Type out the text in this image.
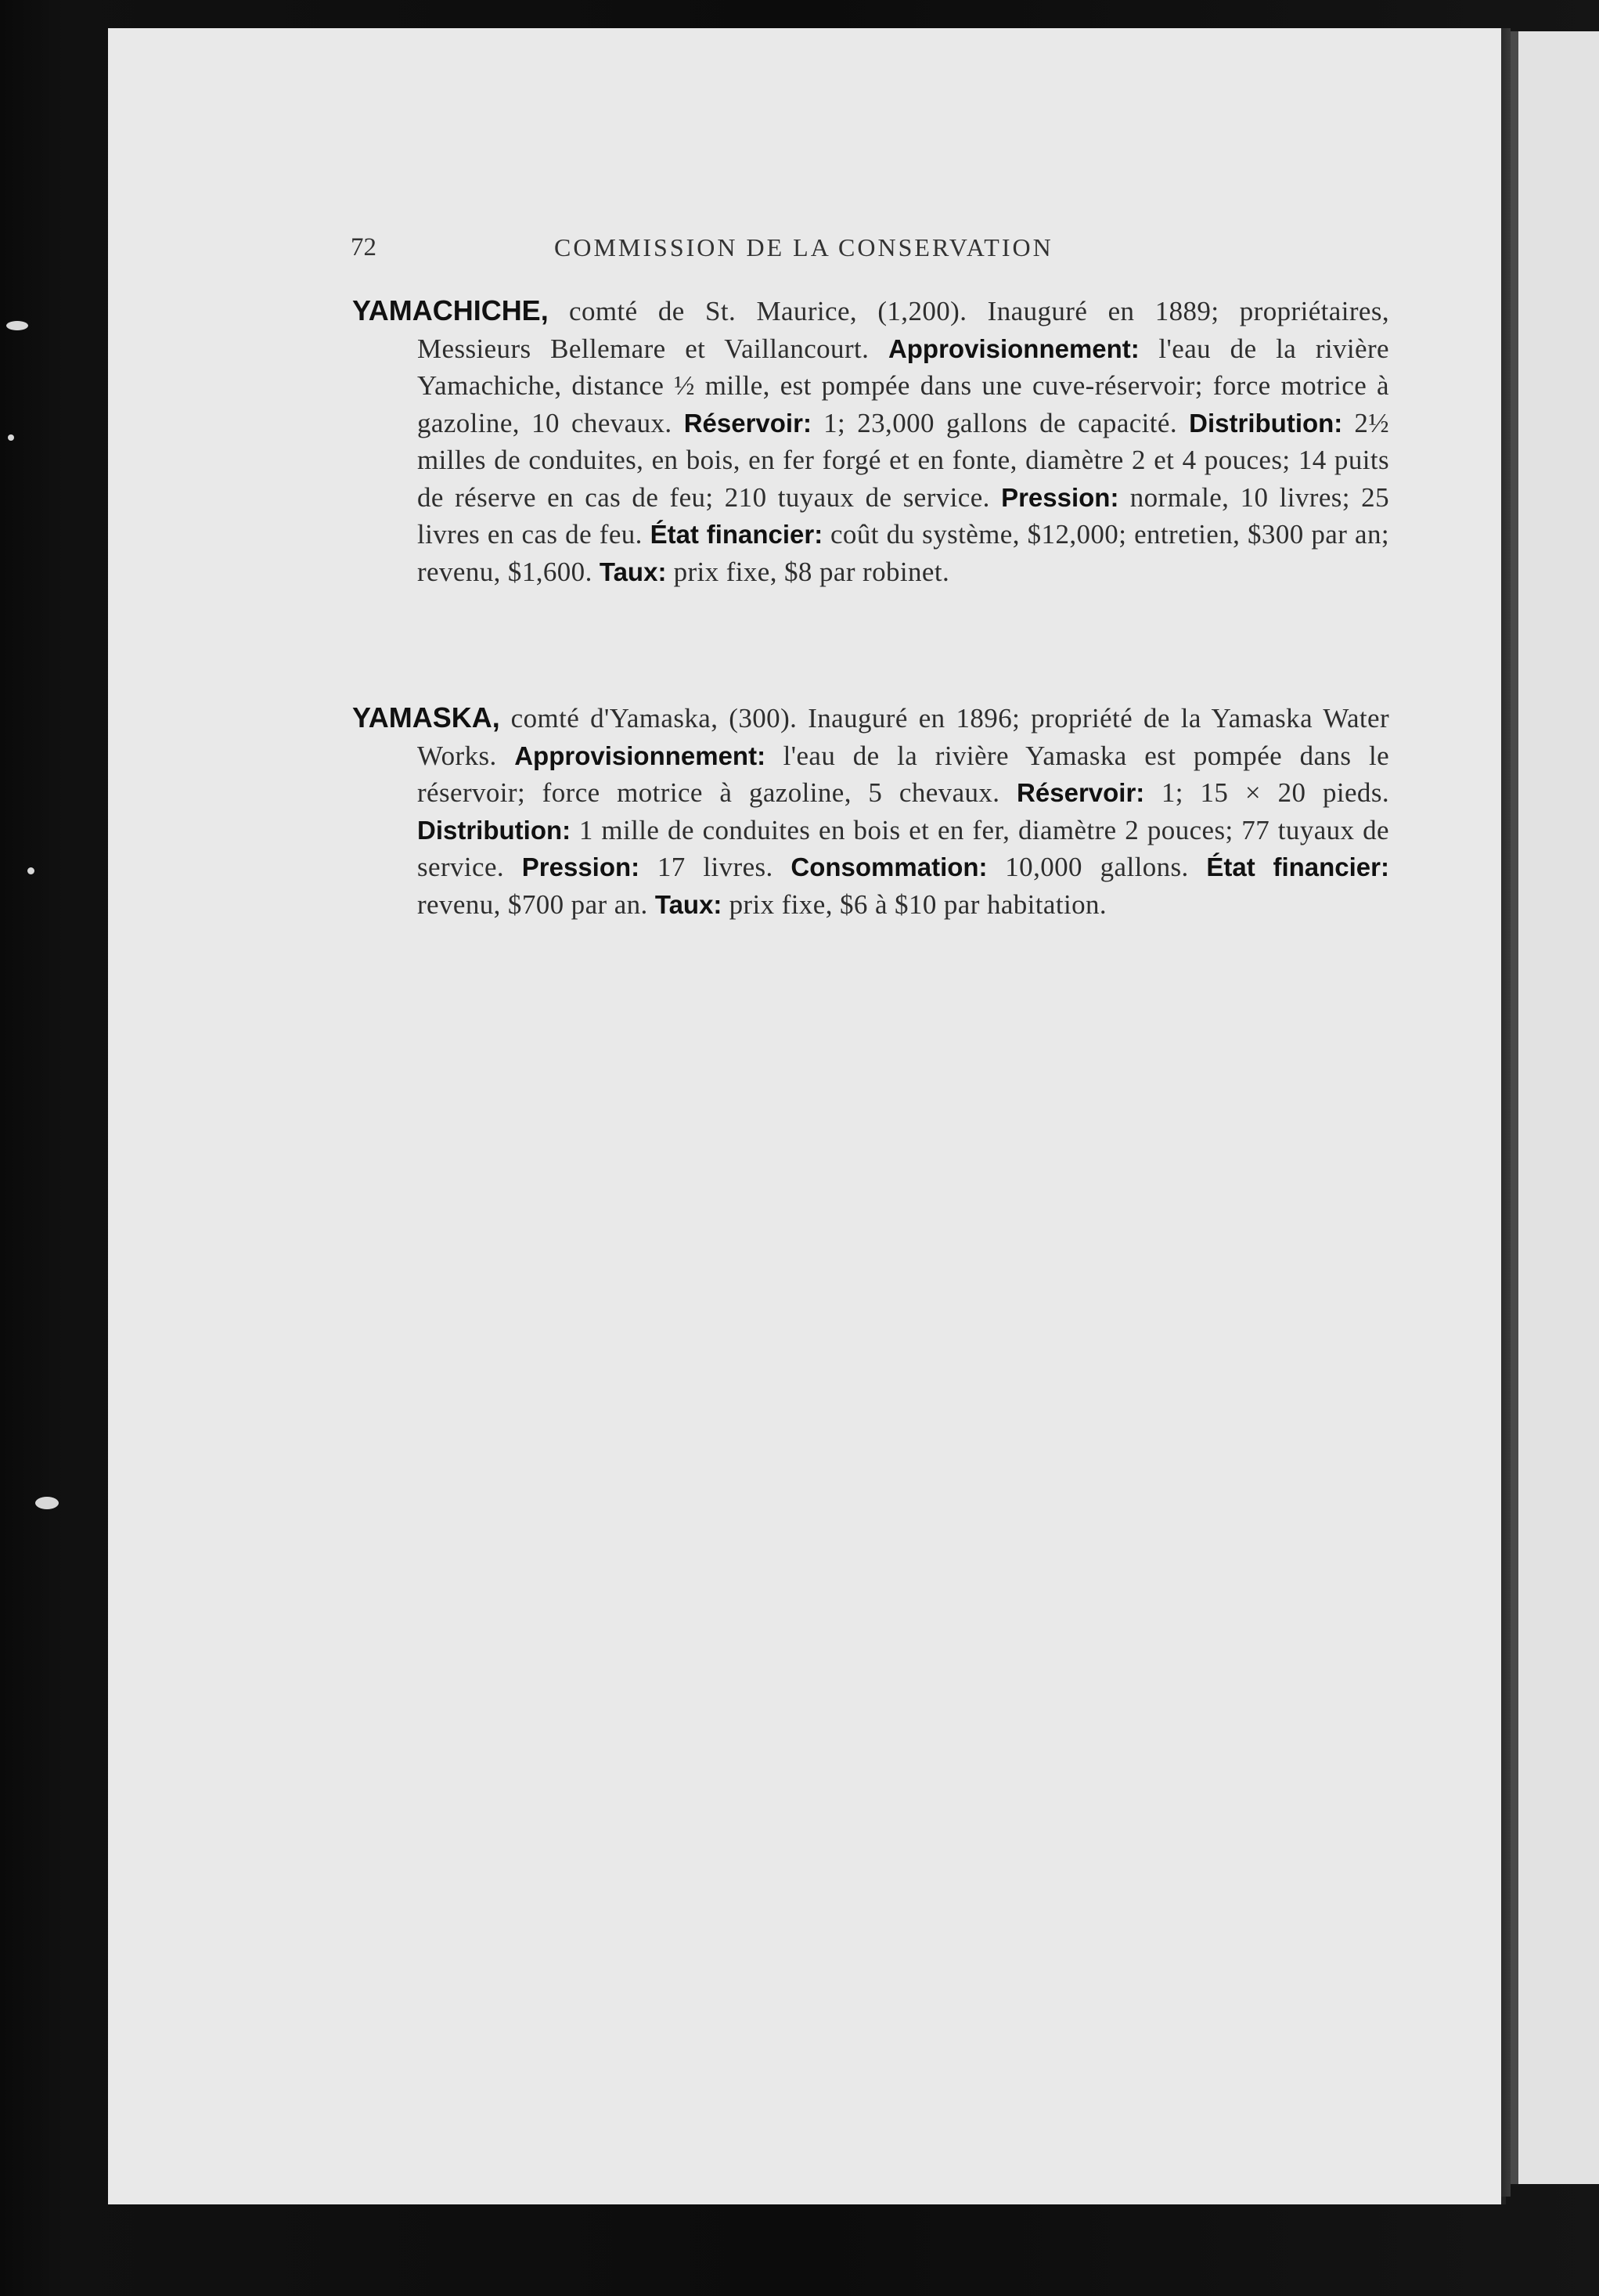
72	COMMISSION DE LA CONSERVATION

YAMACHICHE, comté de St. Maurice, (1,200). Inauguré en 1889; propriétaires, Messieurs Bellemare et Vaillancourt. Approvisionnement: l'eau de la rivière Yamachiche, distance ½ mille, est pompée dans une cuve-réservoir; force motrice à gazoline, 10 chevaux. Réservoir: 1; 23,000 gallons de capacité. Distribution: 2½ milles de conduites, en bois, en fer forgé et en fonte, diamètre 2 et 4 pouces; 14 puits de réserve en cas de feu; 210 tuyaux de service. Pression: normale, 10 livres; 25 livres en cas de feu. État financier: coût du système, $12,000; entretien, $300 par an; revenu, $1,600. Taux: prix fixe, $8 par robinet.

YAMASKA, comté d'Yamaska, (300). Inauguré en 1896; propriété de la Yamaska Water Works. Approvisionnement: l'eau de la rivière Yamaska est pompée dans le réservoir; force motrice à gazoline, 5 chevaux. Réservoir: 1; 15 × 20 pieds. Distribution: 1 mille de conduites en bois et en fer, diamètre 2 pouces; 77 tuyaux de service. Pression: 17 livres. Consommation: 10,000 gallons. État financier: revenu, $700 par an. Taux: prix fixe, $6 à $10 par habitation.
